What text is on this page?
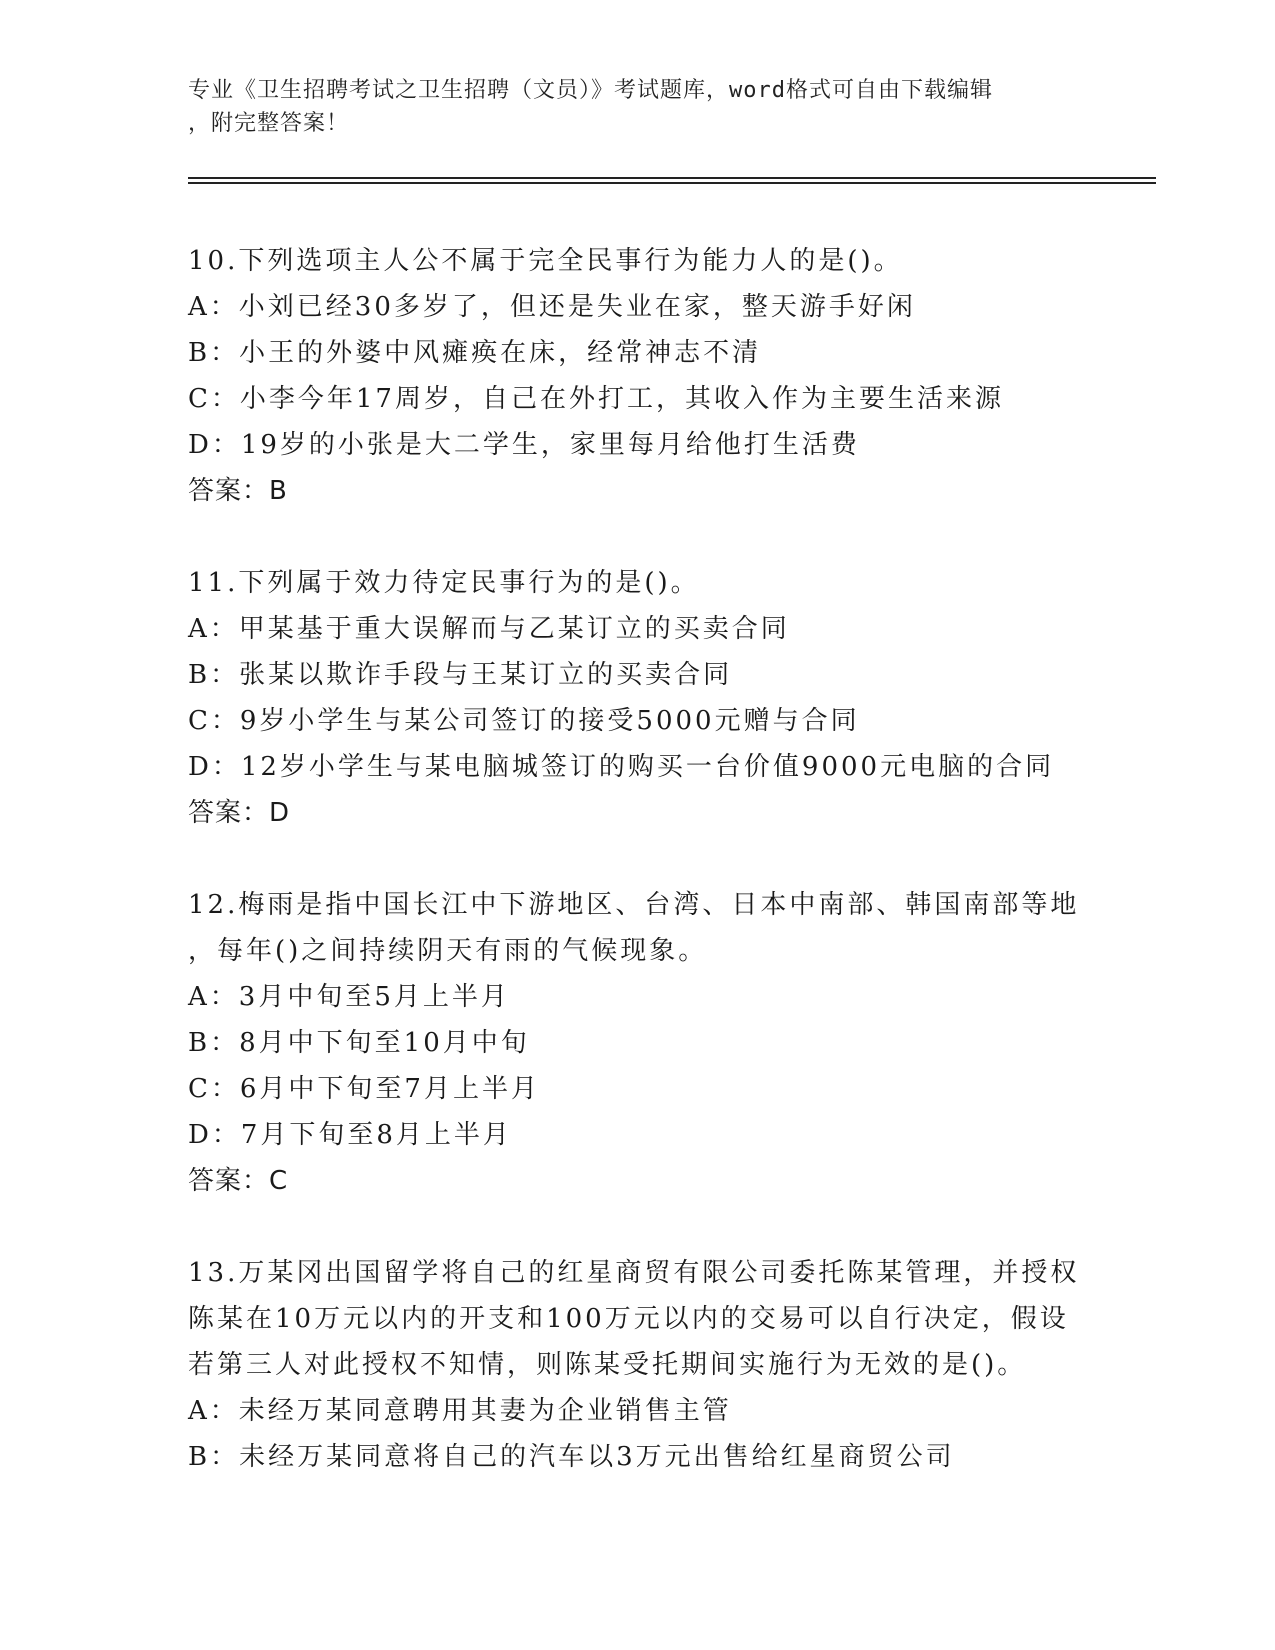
专业《卫生招聘考试之卫生招聘（文员）》考试题库，word格式可自由下载编辑
，附完整答案！
10.下列选项主人公不属于完全民事行为能力人的是()。
A：小刘已经30多岁了，但还是失业在家，整天游手好闲
B：小王的外婆中风瘫痪在床，经常神志不清
C：小李今年17周岁，自己在外打工，其收入作为主要生活来源
D：19岁的小张是大二学生，家里每月给他打生活费
答案：B
11.下列属于效力待定民事行为的是()。
A：甲某基于重大误解而与乙某订立的买卖合同
B：张某以欺诈手段与王某订立的买卖合同
C：9岁小学生与某公司签订的接受5000元赠与合同
D：12岁小学生与某电脑城签订的购买一台价值9000元电脑的合同
答案：D
12.梅雨是指中国长江中下游地区、台湾、日本中南部、韩国南部等地
，每年()之间持续阴天有雨的气候现象。
A：3月中旬至5月上半月
B：8月中下旬至10月中旬
C：6月中下旬至7月上半月
D：7月下旬至8月上半月
答案：C
13.万某冈出国留学将自己的红星商贸有限公司委托陈某管理，并授权
陈某在10万元以内的开支和100万元以内的交易可以自行决定，假设
若第三人对此授权不知情，则陈某受托期间实施行为无效的是()。
A：未经万某同意聘用其妻为企业销售主管
B：未经万某同意将自己的汽车以3万元出售给红星商贸公司
